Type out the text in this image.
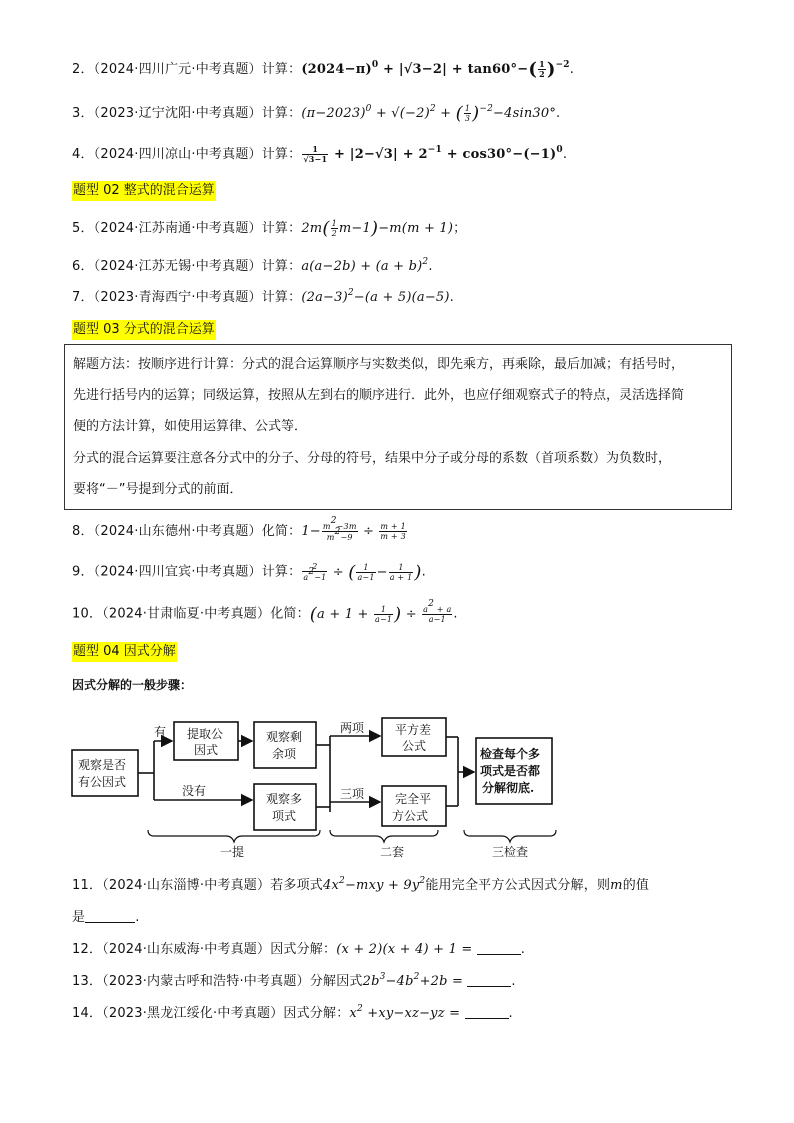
2．（2024·四川广元·中考真题）计算：$(2024-\pi)^0 + |√3-2| + \tan 60^\circ-( \frac{1}{2} )^{-2}$.
3．（2023·辽宁沈阳·中考真题）计算：$(\pi-2023)^0 + √(-2)^2$ + ( $\frac{1}{3} )^{-2}-4\sin 30^\circ$.
4．（2024·四川凉山·中考真题）计算： $\frac{1}{√3-1} + |2-√3| + 2^{-1} + \cos 30^\circ-(-1)^0$.
题型 02 整式的混合运算
5．（2024·江苏南通·中考真题）计算：$2m( \frac{1}{2} m-1)-m(m + 1)$；
6．（2024·江苏无锡·中考真题）计算：$a(a-2b) + (a + b)^2$.
7．（2023·青海西宁·中考真题）计算：$(2a-3)^2-(a + 5)(a-5)$.
题型 03 分式的混合运算
解题方法：按顺序进行计算：分式的混合运算顺序与实数类似，即先乘方，再乘除，最后加减；有括号时，
先进行括号内的运算；同级运算，按照从左到右的顺序进行．此外，也应仔细观察式子的特点，灵活选择简
便的方法计算，如使用运算律、公式等．
分式的混合运算要注意各分式中的分子、分母的符号，结果中分子或分母的系数（首项系数）为负数时，
要将“－”号提到分式的前面．
8．（2024·山东德州·中考真题）化简：$1- \frac{m^2-3m}{m^2-9} \div \frac{m + 1}{m + 3}$
9．（2024·四川宜宾·中考真题）计算： $\frac{2}{a^2-1}$ ÷ ( $\frac{1}{a-1} - \frac{1}{a + 1}$ ).
10．（2024·甘肃临夏·中考真题）化简：($a + 1 + \frac{1}{a-1}$ ) ÷ $\frac{a^2 + a}{a-1}$ .
题型 04 因式分解
因式分解的一般步骤：
观察是否
有公因式
有
没有
提取公
因式
观察剩
余项
观察多
项式
两项
三项
平方差
公式
完全平
方公式
检查每个多
项式是否都
分解彻底.
一提	二套	三检查
11．（2024·山东淄博·中考真题）若多项式$4x^2-mxy + 9y^2$能用完全平方公式因式分解，则m的值
是	.
12．（2024·山东威海·中考真题）因式分解：(x + 2)(x + 4) + 1 =	.
13．（2023·内蒙古呼和浩特·中考真题）分解因式$2b^3-4b^2+2b$ =	.
14．（2023·黑龙江绥化·中考真题）因式分解：$x^2 +xy-xz-yz$ =	.
